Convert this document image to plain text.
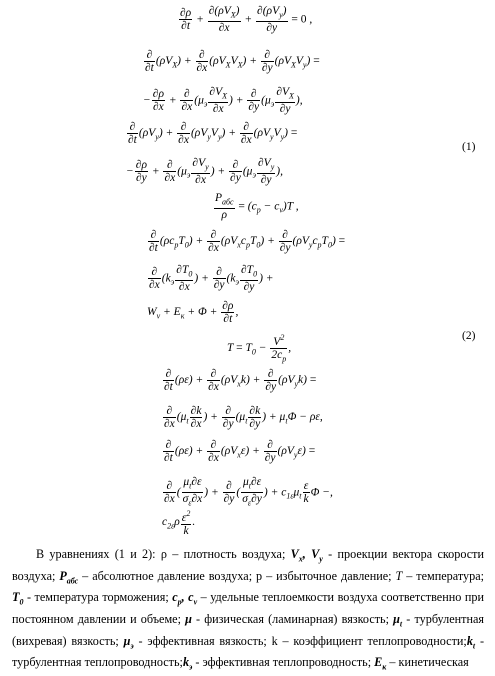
$\frac{\partial\rho}{\partial t} + \frac{\partial(\rho V_X)}{\partial x} + \frac{\partial(\rho V_y)}{\partial y} = 0$ ,
$\frac{\partial}{\partial t} (\rho V_X) + \frac{\partial}{\partial x} (\rho V_XV_X) + \frac{\partial}{\partial y} (\rho V_XV_y)$ =
− $\frac{\partial\rho}{\partial x} + \frac{\partial}{\partial x} (\mu_э \frac{\partial V_X}{\partial x}$ ) + $\frac{\partial}{\partial y} (\mu_э \frac{\partial V_X}{\partial y}$ ),
$\frac{\partial}{\partial t} (\rho V_y) + \frac{\partial}{\partial x} (\rho V_yV_y) + \frac{\partial}{\partial x} (\rho V_yV_y)$ =
− $\frac{\partial\rho}{\partial y} + \frac{\partial}{\partial x} (\mu_э \frac{\partial V_y}{\partial x}$ ) + $\frac{\partial}{\partial y} (\mu_э \frac{\partial V_y}{\partial y}$ ),
(1)
$\frac{P_{абс}}{\rho} = (c_p - c_v)T$ ,
$\frac{\partial}{\partial t} (\rho c_pT_0) + \frac{\partial}{\partial x} (\rho V_xc_pT_0) + \frac{\partial}{\partial y} (\rho V_yc_pT_0)$ =
$\frac{\partial}{\partial x} (k_э \frac{\partial T_0}{\partial x}$ ) + $\frac{\partial}{\partial y} (k_э \frac{\partial T_0}{\partial y}$ ) +
$W_v + E_к + \Phi + \frac{\partial\rho}{\partial t}$ ,
$T = T_0 - \frac{V^2}{2c_p}$ ,
(2)
$\frac{\partial}{\partial t} (\rho\varepsilon) + \frac{\partial}{\partial x} (\rho V_xk) + \frac{\partial}{\partial y} (\rho V_yk)$ =
$\frac{\partial}{\partial x} (\mu_t \frac{\partial k}{\partial x}$ ) + $\frac{\partial}{\partial y} (\mu_t \frac{\partial k}{\partial y}$ ) + $\mu_t\Phi - \rho\varepsilon$,
$\frac{\partial}{\partial t} (\rho\varepsilon) + \frac{\partial}{\partial x} (\rho V_x\varepsilon) + \frac{\partial}{\partial y} (\rho V_y\varepsilon)$ =
$\frac{\partial}{\partial x}$ ( $\frac{\mu_t\partial\varepsilon}{\sigma_\varepsilon\partial x}$ ) + $\frac{\partial}{\partial y}$ ( $\frac{\mu_t\partial\varepsilon}{\sigma_\varepsilon\partial y}$ ) + $c_{1\varepsilon}\mu_t \frac{\varepsilon}{k}$ Φ −,
$c_{2\varepsilon}\rho \frac{\varepsilon^2}{k}$ .
В уравнениях (1 и 2): ρ – плотность воздуха; $V_x$, $V_y$ - проекции вектора скорости воздуха; $P_{абс}$ – абсолютное давление воздуха; p – избыточное давление; T – температура; $T_0$ - температура торможения; $c_p$, $c_v$ – удельные теплоемкости воздуха соответственно при постоянном давлении и объеме; μ - физическая (ламинарная) вязкость; $\mu_t$ - турбулентная (вихревая) вязкость; $\mu_э$ - эффективная вязкость; k – коэффициент $теплопроводности;k_t$ - турбулентная $теплопроводность;k_э$ - эффективная теплопроводность; $E_к$ – кинетическая
